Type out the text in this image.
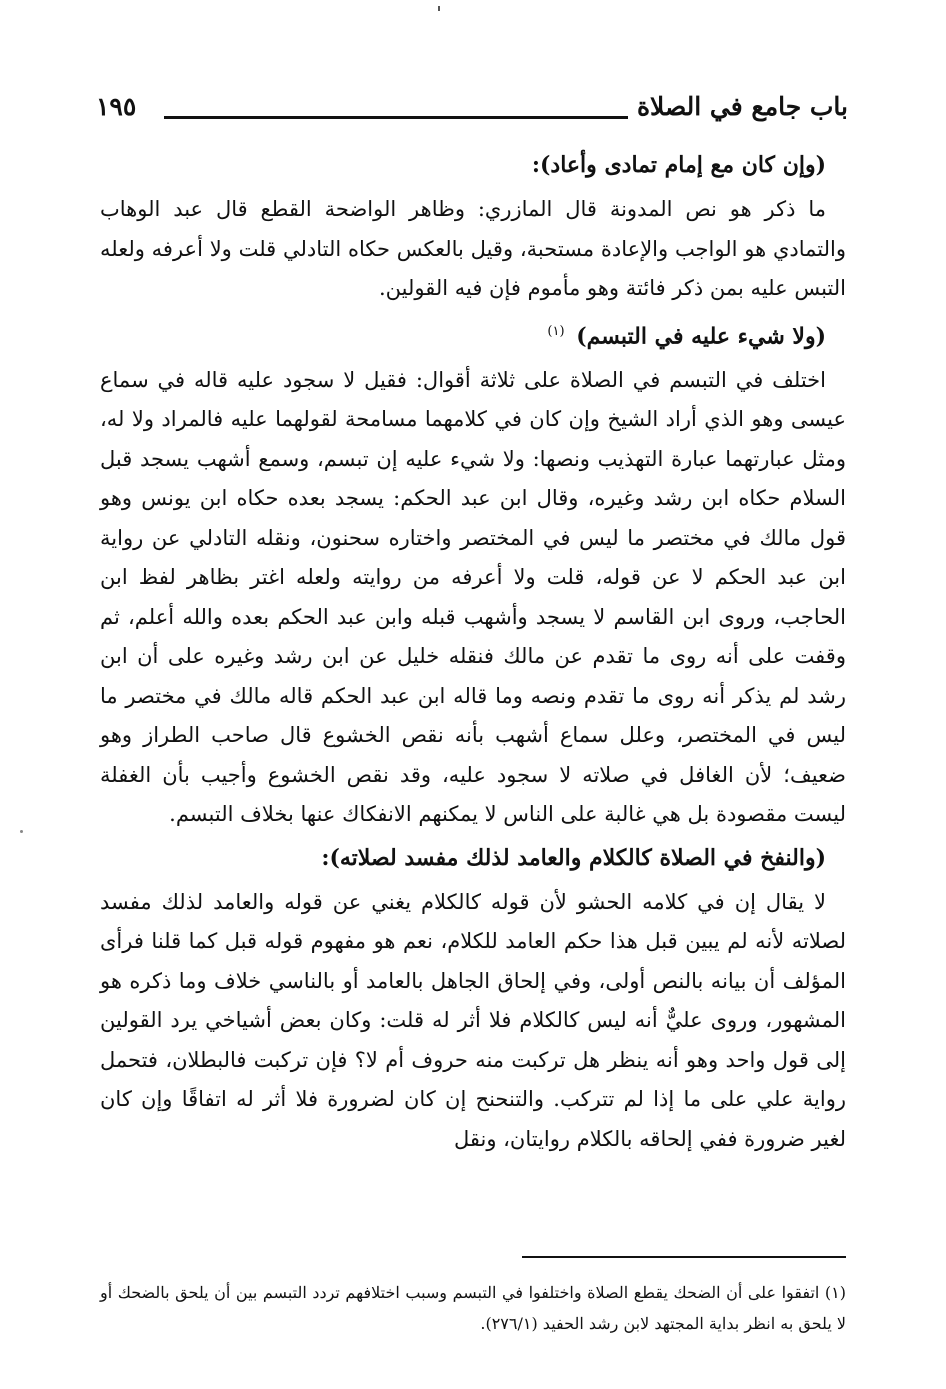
باب جامع في الصلاة
١٩٥
(وإن كان مع إمام تمادى وأعاد):

ما ذكر هو نص المدونة قال المازري: وظاهر الواضحة القطع قال عبد الوهاب والتمادي هو الواجب والإعادة مستحبة، وقيل بالعكس حكاه التادلي قلت ولا أعرفه ولعله التبس عليه بمن ذكر فائتة وهو مأموم فإن فيه القولين.

(ولا شيء عليه في التبسم) $^{(١)}$

اختلف في التبسم في الصلاة على ثلاثة أقوال: فقيل لا سجود عليه قاله في سماع عيسى وهو الذي أراد الشيخ وإن كان في كلامهما مسامحة لقولهما عليه فالمراد ولا له، ومثل عبارتهما عبارة التهذيب ونصها: ولا شيء عليه إن تبسم، وسمع أشهب يسجد قبل السلام حكاه ابن رشد وغيره، وقال ابن عبد الحكم: يسجد بعده حكاه ابن يونس وهو قول مالك في مختصر ما ليس في المختصر واختاره سحنون، ونقله التادلي عن رواية ابن عبد الحكم لا عن قوله، قلت ولا أعرفه من روايته ولعله اغتر بظاهر لفظ ابن الحاجب، وروى ابن القاسم لا يسجد وأشهب قبله وابن عبد الحكم بعده والله أعلم، ثم وقفت على أنه روى ما تقدم عن مالك فنقله خليل عن ابن رشد وغيره على أن ابن رشد لم يذكر أنه روى ما تقدم ونصه وما قاله ابن عبد الحكم قاله مالك في مختصر ما ليس في المختصر، وعلل سماع أشهب بأنه نقص الخشوع قال صاحب الطراز وهو ضعيف؛ لأن الغافل في صلاته لا سجود عليه، وقد نقص الخشوع وأجيب بأن الغفلة ليست مقصودة بل هي غالبة على الناس لا يمكنهم الانفكاك عنها بخلاف التبسم.

(والنفخ في الصلاة كالكلام والعامد لذلك مفسد لصلاته):

لا يقال إن في كلامه الحشو لأن قوله كالكلام يغني عن قوله والعامد لذلك مفسد لصلاته لأنه لم يبين قبل هذا حكم العامد للكلام، نعم هو مفهوم قوله قبل كما قلنا فرأى المؤلف أن بيانه بالنص أولى، وفي إلحاق الجاهل بالعامد أو بالناسي خلاف وما ذكره هو المشهور، وروى عليٌّ أنه ليس كالكلام فلا أثر له قلت: وكان بعض أشياخي يرد القولين إلى قول واحد وهو أنه ينظر هل تركبت منه حروف أم لا؟ فإن تركبت فالبطلان، فتحمل رواية علي على ما إذا لم تتركب. والتنحنح إن كان لضرورة فلا أثر له اتفاقًا وإن كان لغير ضرورة ففي إلحاقه بالكلام روايتان، ونقل

(١) اتفقوا على أن الضحك يقطع الصلاة واختلفوا في التبسم وسبب اختلافهم تردد التبسم بين أن يلحق بالضحك أو لا يلحق به انظر بداية المجتهد لابن رشد الحفيد (٢٧٦/١).
